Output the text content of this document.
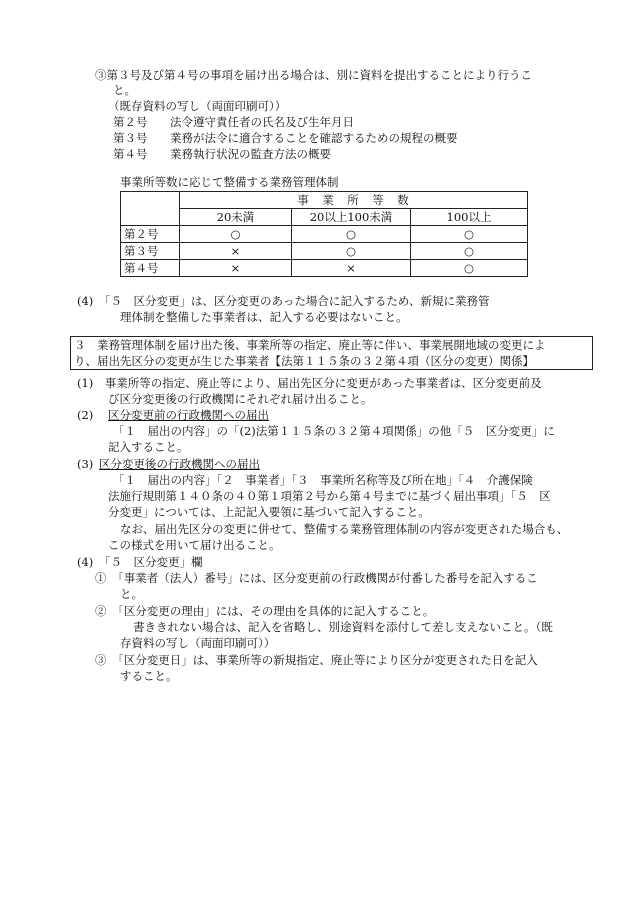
③第３号及び第４号の事項を届け出る場合は、別に資料を提出することにより行うこ

と。

（既存資料の写し（両面印刷可））

第２号 法令遵守責任者の氏名及び生年月日

第３号 業務が法令に適合することを確認するための規程の概要

第４号 業務執行状況の監査方法の概要

事業所等数に応じて整備する業務管理体制

	事　業　所　等　数		
	20未満	20以上100未満	100以上
第２号	○	○	○
第３号	×	○	○
第４号	×	×	○

(4)　「５　区分変更」は、区分変更のあった場合に記入するため、新規に業務管

理体制を整備した事業者は、記入する必要はないこと。

３　業務管理体制を届け出た後、事業所等の指定、廃止等に伴い、事業展開地域の変更によ

り、届出先区分の変更が生じた事業者【法第１１５条の３２第４項（区分の変更）関係】

(1)　事業所等の指定、廃止等により、届出先区分に変更があった事業者は、区分変更前及

び区分変更後の行政機関にそれぞれ届け出ること。

(2) 区分変更前の行政機関への届出

「１　届出の内容」の「(2)法第１１５条の３２第４項関係」の他「５　区分変更」に

記入すること。

(3) 区分変更後の行政機関への届出

「１　届出の内容」「２　事業者」「３　事業所名称等及び所在地」「４　介護保険

法施行規則第１４０条の４０第１項第２号から第４号までに基づく届出事項」「５　区

分変更」については、上記記入要領に基づいて記入すること。

なお、届出先区分の変更に併せて、整備する業務管理体制の内容が変更された場合も、

この様式を用いて届け出ること。

(4)　「５　区分変更」欄

①　「事業者（法人）番号」には、区分変更前の行政機関が付番した番号を記入するこ

と。

②　「区分変更の理由」には、その理由を具体的に記入すること。

書ききれない場合は、記入を省略し、別途資料を添付して差し支えないこと。（既

存資料の写し（両面印刷可））

③　「区分変更日」は、事業所等の新規指定、廃止等により区分が変更された日を記入

すること。
